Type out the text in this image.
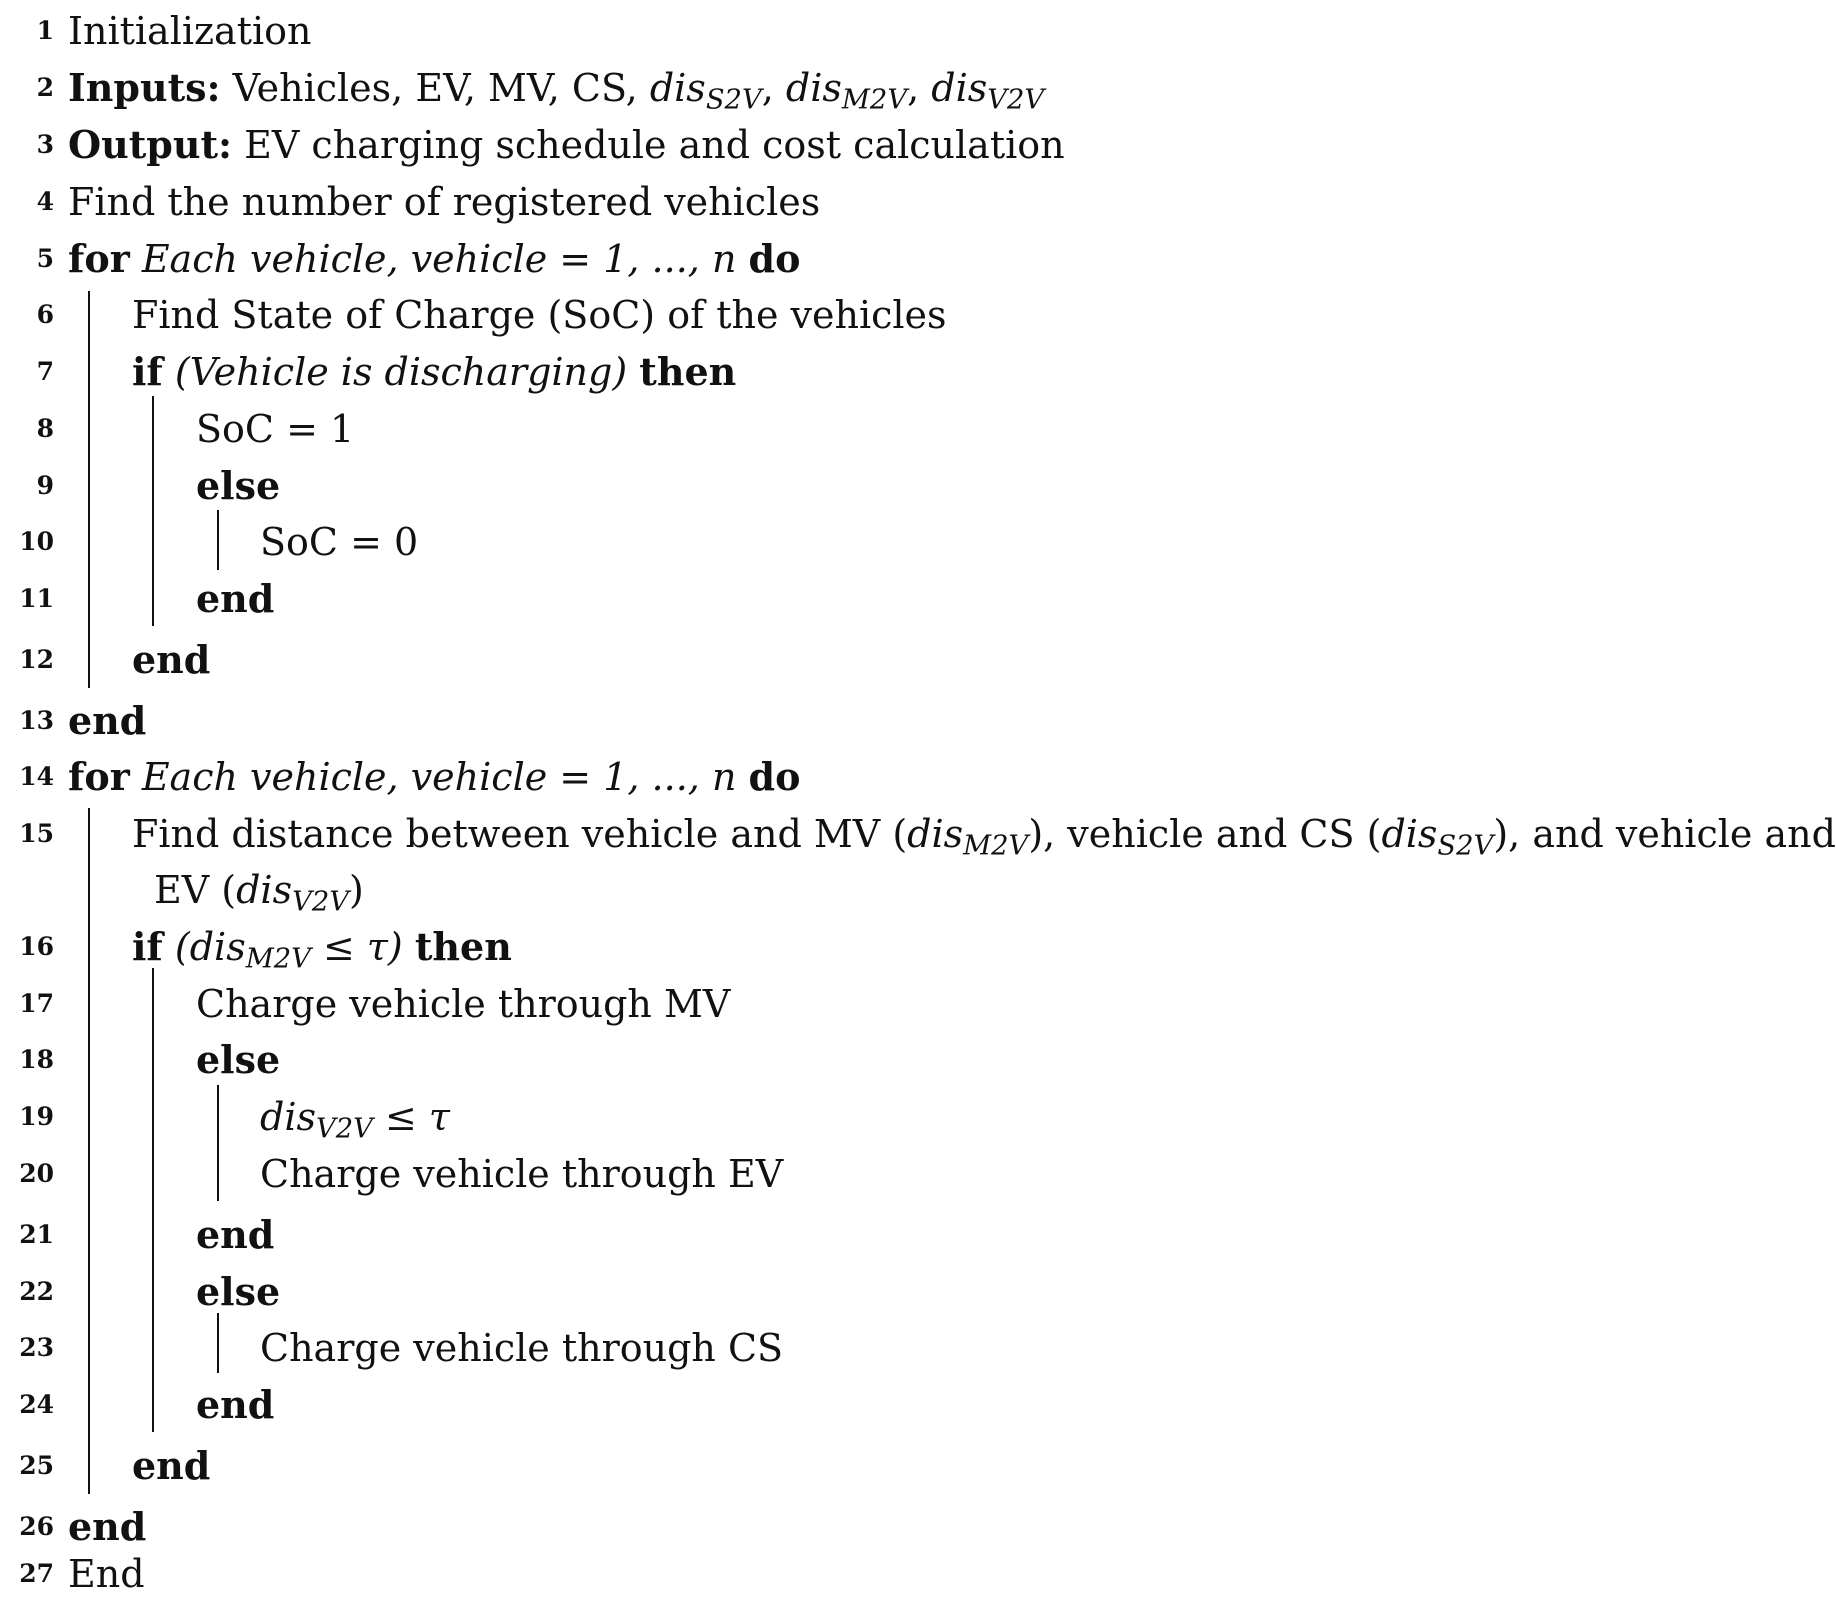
1 Initialization
2 Inputs: Vehicles, EV, MV, CS, dis$_{S2V}$, dis$_{M2V}$, dis$_{V2V}$
3 Output: EV charging schedule and cost calculation
4 Find the number of registered vehicles
5 for Each vehicle, vehicle = 1, ..., n do
6 Find State of Charge (SoC) of the vehicles
7 if (Vehicle is discharging) then
8	SoC = 1
9	else
10	SoC = 0
11	end
12 end
13 end
14 for Each vehicle, vehicle = 1, ..., n do
15 Find distance between vehicle and MV (dis$_{M2V}$), vehicle and CS (dis$_{S2V}$), and vehicle and
EV (dis$_{V2V}$)
16 if (dis$_{M2V}$ ≤ τ) then
17	Charge vehicle through MV
18	else
19	dis$_{V2V}$ ≤ τ
20	Charge vehicle through EV
21	end
22	else
23	Charge vehicle through CS
24	end
25 end
26 end
27 End
